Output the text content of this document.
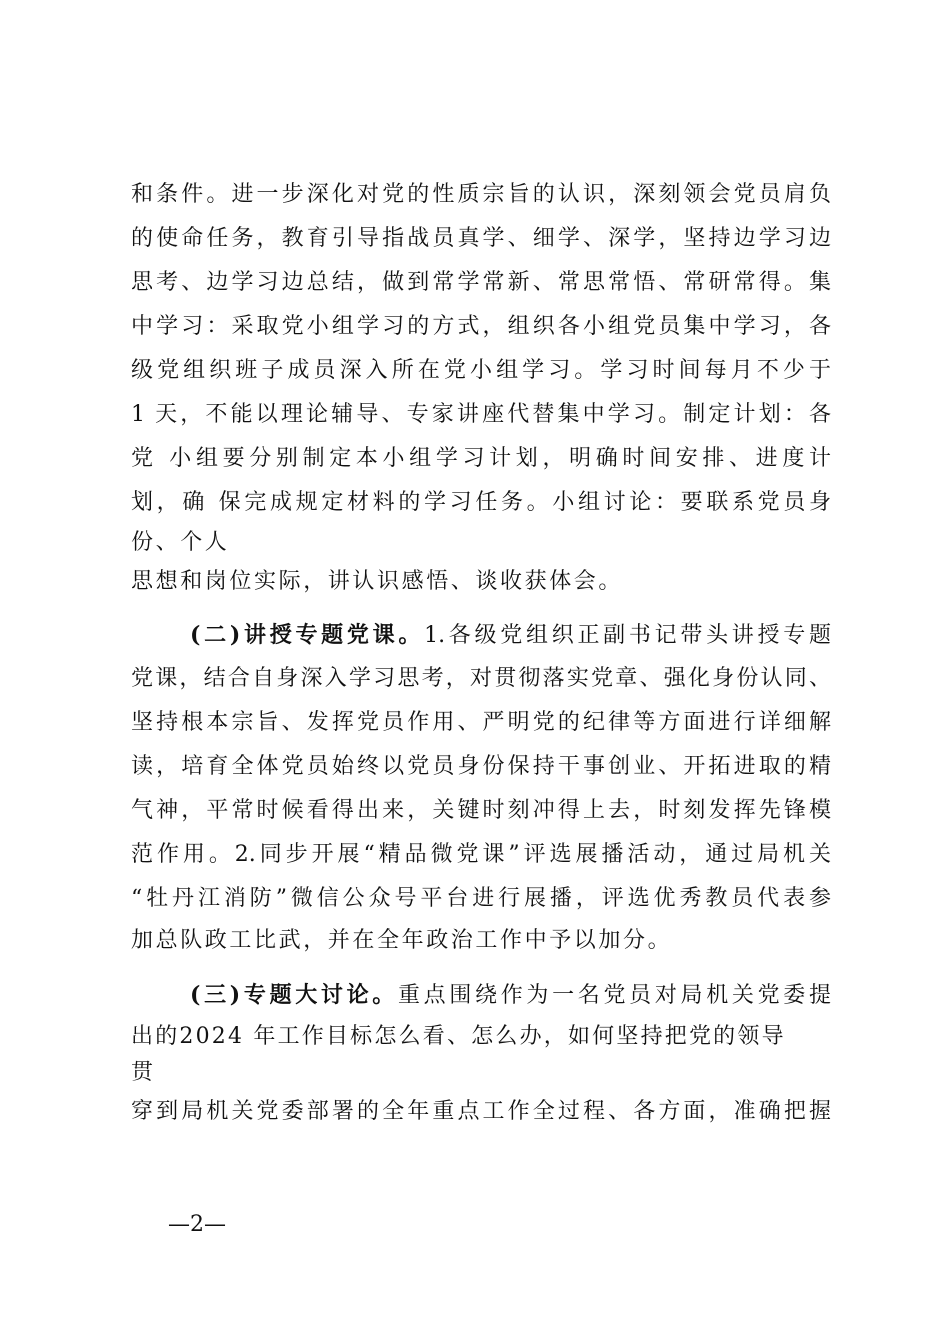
和条件。进一步深化对党的性质宗旨的认识，深刻领会党员肩负
的使命任务，教育引导指战员真学、细学、深学，坚持边学习边
思考、边学习边总结，做到常学常新、常思常悟、常研常得。集
中学习：采取党小组学习的方式，组织各小组党员集中学习，各
级党组织班子成员深入所在党小组学习。学习时间每月不少于
1 天，不能以理论辅导、专家讲座代替集中学习。制定计划：各
党 小组要分别制定本小组学习计划，明确时间安排、进度计
划，确 保完成规定材料的学习任务。小组讨论：要联系党员身
份、个人
思想和岗位实际，讲认识感悟、谈收获体会。
(二)讲授专题党课。1.各级党组织正副书记带头讲授专题
党课，结合自身深入学习思考，对贯彻落实党章、强化身份认同、
坚持根本宗旨、发挥党员作用、严明党的纪律等方面进行详细解
读，培育全体党员始终以党员身份保持干事创业、开拓进取的精
气神，平常时候看得出来，关键时刻冲得上去，时刻发挥先锋模
范作用。2.同步开展“精品微党课”评选展播活动，通过局机关
“牡丹江消防”微信公众号平台进行展播，评选优秀教员代表参
加总队政工比武，并在全年政治工作中予以加分。
(三)专题大讨论。重点围绕作为一名党员对局机关党委提
出的2024 年工作目标怎么看、怎么办，如何坚持把党的领导
贯
穿到局机关党委部署的全年重点工作全过程、各方面，准确把握
—2—
